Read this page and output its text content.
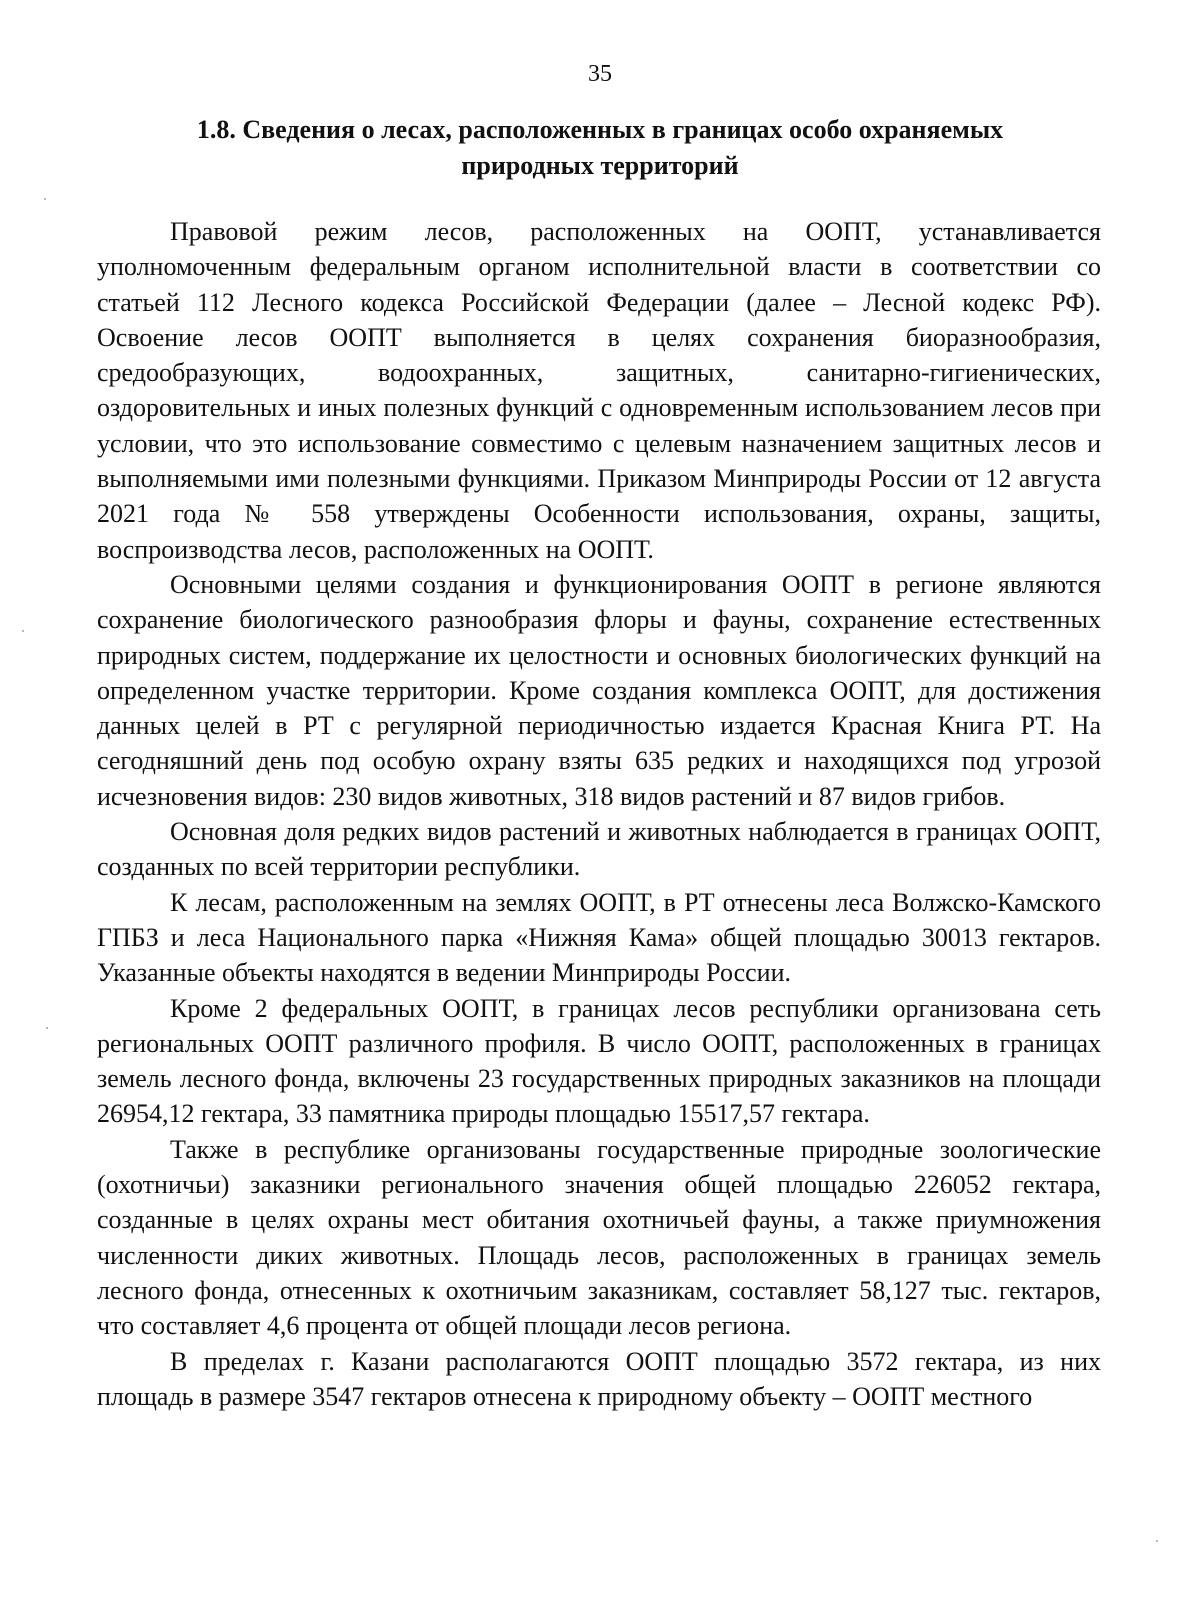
35
1.8. Сведения о лесах, расположенных в границах особо охраняемых
природных территорий

Правовой режим лесов, расположенных на ООПТ, устанавливается уполномоченным федеральным органом исполнительной власти в соответствии со статьей 112 Лесного кодекса Российской Федерации (далее – Лесной кодекс РФ). Освоение лесов ООПТ выполняется в целях сохранения биоразнообразия, средообразующих, водоохранных, защитных, санитарно-гигиенических, оздоровительных и иных полезных функций с одновременным использованием лесов при условии, что это использование совместимо с целевым назначением защитных лесов и выполняемыми ими полезными функциями. Приказом Минприроды России от 12 августа 2021 года № 558 утверждены Особенности использования, охраны, защиты, воспроизводства лесов, расположенных на ООПТ.

Основными целями создания и функционирования ООПТ в регионе являются сохранение биологического разнообразия флоры и фауны, сохранение естественных природных систем, поддержание их целостности и основных биологических функций на определенном участке территории. Кроме создания комплекса ООПТ, для достижения данных целей в РТ с регулярной периодичностью издается Красная Книга РТ. На сегодняшний день под особую охрану взяты 635 редких и находящихся под угрозой исчезновения видов: 230 видов животных, 318 видов растений и 87 видов грибов.

Основная доля редких видов растений и животных наблюдается в границах ООПТ, созданных по всей территории республики.

К лесам, расположенным на землях ООПТ, в РТ отнесены леса Волжско-Камского ГПБЗ и леса Национального парка «Нижняя Кама» общей площадью 30013 гектаров. Указанные объекты находятся в ведении Минприроды России.

Кроме 2 федеральных ООПТ, в границах лесов республики организована сеть региональных ООПТ различного профиля. В число ООПТ, расположенных в границах земель лесного фонда, включены 23 государственных природных заказников на площади 26954,12 гектара, 33 памятника природы площадью 15517,57 гектара.

Также в республике организованы государственные природные зоологические (охотничьи) заказники регионального значения общей площадью 226052 гектара, созданные в целях охраны мест обитания охотничьей фауны, а также приумножения численности диких животных. Площадь лесов, расположенных в границах земель лесного фонда, отнесенных к охотничьим заказникам, составляет 58,127 тыс. гектаров, что составляет 4,6 процента от общей площади лесов региона.

В пределах г. Казани располагаются ООПТ площадью 3572 гектара, из них площадь в размере 3547 гектаров отнесена к природному объекту – ООПТ местного
